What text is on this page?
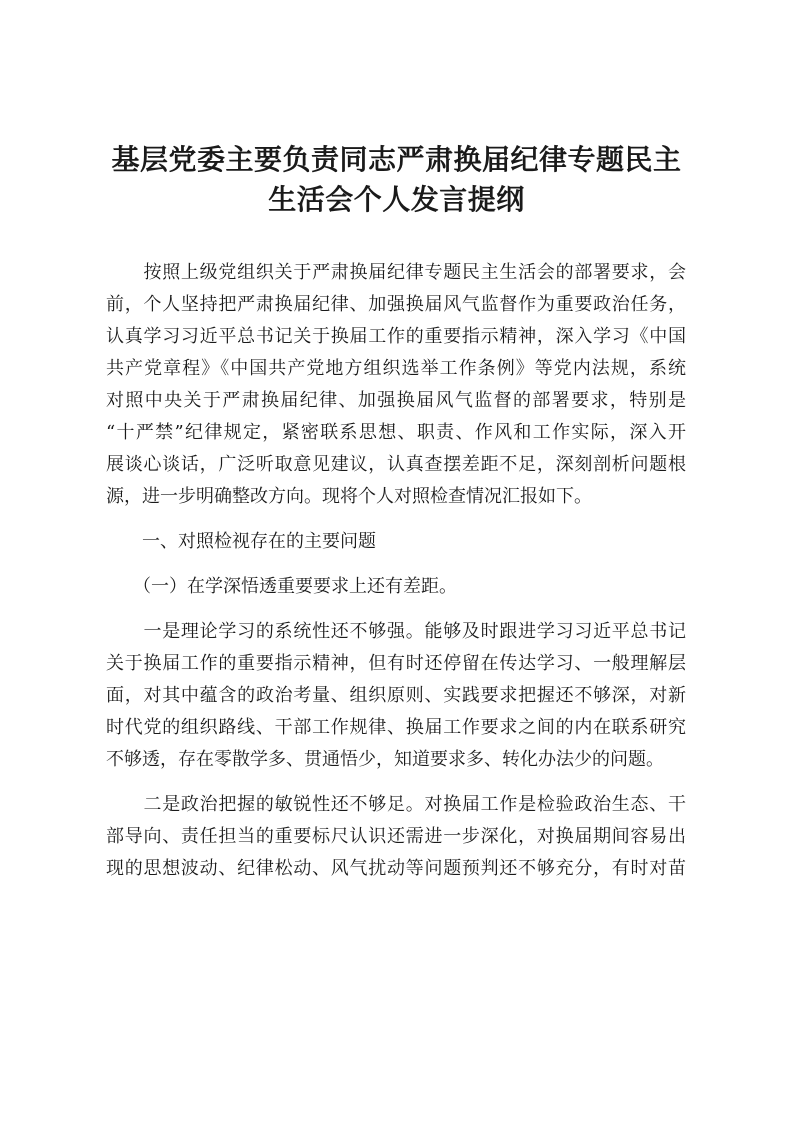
基层党委主要负责同志严肃换届纪律专题民主
生活会个人发言提纲
　　按照上级党组织关于严肃换届纪律专题民主生活会的部署要求，会
前，个人坚持把严肃换届纪律、加强换届风气监督作为重要政治任务，
认真学习习近平总书记关于换届工作的重要指示精神，深入学习《中国
共产党章程》《中国共产党地方组织选举工作条例》等党内法规，系统
对照中央关于严肃换届纪律、加强换届风气监督的部署要求，特别是
“十严禁”纪律规定，紧密联系思想、职责、作风和工作实际，深入开
展谈心谈话，广泛听取意见建议，认真查摆差距不足，深刻剖析问题根
源，进一步明确整改方向。现将个人对照检查情况汇报如下。
　　一、对照检视存在的主要问题
　　（一）在学深悟透重要要求上还有差距。
　　一是理论学习的系统性还不够强。能够及时跟进学习习近平总书记
关于换届工作的重要指示精神，但有时还停留在传达学习、一般理解层
面，对其中蕴含的政治考量、组织原则、实践要求把握还不够深，对新
时代党的组织路线、干部工作规律、换届工作要求之间的内在联系研究
不够透，存在零散学多、贯通悟少，知道要求多、转化办法少的问题。
　　二是政治把握的敏锐性还不够足。对换届工作是检验政治生态、干
部导向、责任担当的重要标尺认识还需进一步深化，对换届期间容易出
现的思想波动、纪律松动、风气扰动等问题预判还不够充分，有时对苗
